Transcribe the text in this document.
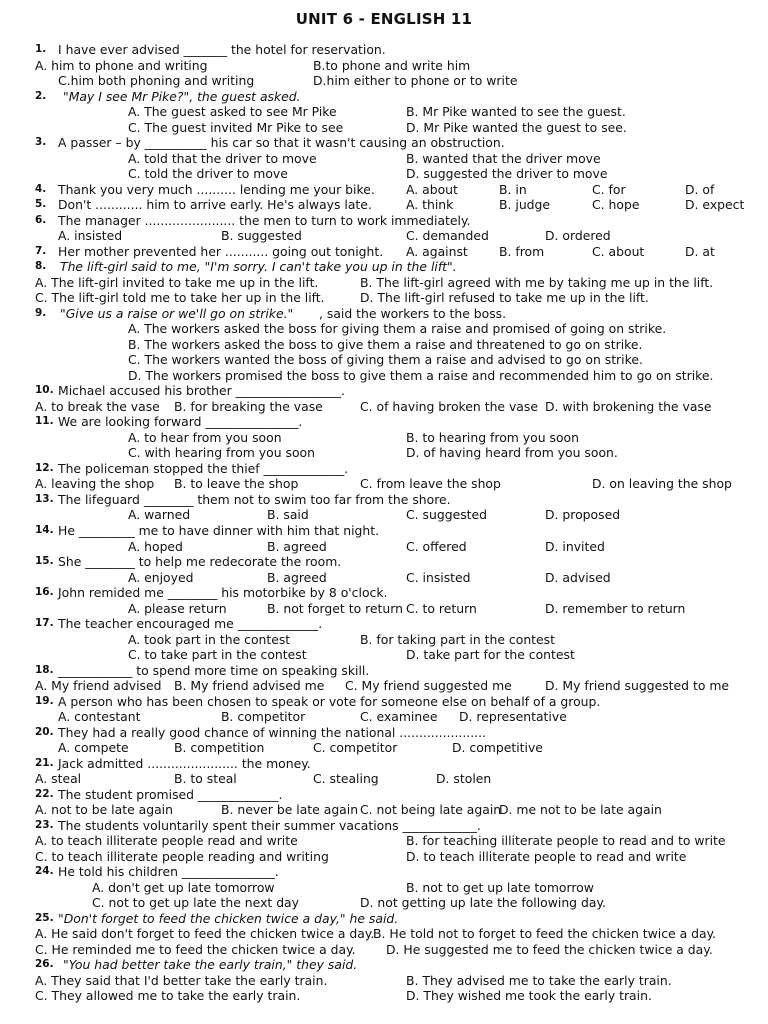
UNIT 6 - ENGLISH 11
1. I have ever advised _______ the hotel for reservation.
A. him to phone and writing	B.to phone and write him
C.him both phoning and writing	D.him either to phone or to write
2. "May I see Mr Pike?", the guest asked.
A. The guest asked to see Mr Pike	B. Mr Pike wanted to see the guest.
C. The guest invited Mr Pike to see	D. Mr Pike wanted the guest to see.
3. A passer – by __________ his car so that it wasn't causing an obstruction.
A. told that the driver to move	B. wanted that the driver move
C. told the driver to move	D. suggested the driver to move
4. Thank you very much .......... lending me your bike.	A. about	B. in	C. for	D. of
5. Don't ............ him to arrive early. He's always late.	A. think	B. judge	C. hope	D. expect
6. The manager ....................... the men to turn to work immediately.
A. insisted	B. suggested	C. demanded	D. ordered
7. Her mother prevented her ........... going out tonight. A. against	B. from	C. about	D. at
8. The lift-girl said to me, "I'm sorry. I can't take you up in the lift".
A. The lift-girl invited to take me up in the lift.	B. The lift-girl agreed with me by taking me up in the lift.
C. The lift-girl told me to take her up in the lift.	D. The lift-girl refused to take me up in the lift.
9. "Give us a raise or we'll go on strike." , said the workers to the boss.
A. The workers asked the boss for giving them a raise and promised of going on strike.
B. The workers asked the boss to give them a raise and threatened to go on strike.
C. The workers wanted the boss of giving them a raise and advised to go on strike.
D. The workers promised the boss to give them a raise and recommended him to go on strike.
10. Michael accused his brother _________________.
A. to break the vase B. for breaking the vase	C. of having broken the vase D. with brokening the vase
11. We are looking forward _______________.
A. to hear from you soon	B. to hearing from you soon
C. with hearing from you soon	D. of having heard from you soon.
12. The policeman stopped the thief _____________.
A. leaving the shop B. to leave the shop	C. from leave the shop	D. on leaving the shop
13. The lifeguard ________ them not to swim too far from the shore.
A. warned	B. said	C. suggested	D. proposed
14. He _________ me to have dinner with him that night.
A. hoped	B. agreed	C. offered	D. invited
15. She ________ to help me redecorate the room.
A. enjoyed	B. agreed	C. insisted	D. advised
16. John remided me ________ his motorbike by 8 o'clock.
A. please return	B. not forget to return C. to return	D. remember to return
17. The teacher encouraged me _____________.
A. took part in the contest	B. for taking part in the contest
C. to take part in the contest	D. take part for the contest
18. ____________ to spend more time on speaking skill.
A. My friend advised B. My friend advised me C. My friend suggested me	D. My friend suggested to me
19. A person who has been chosen to speak or vote for someone else on behalf of a group.
A. contestant	B. competitor	C. examinee D. representative
20. They had a really good chance of winning the national ......................
A. compete	B. competition	C. competitor	D. competitive
21. Jack admitted ....................... the money.
A. steal	B. to steal	C. stealing	D. stolen
22. The student promised _____________.
A. not to be late again	B. never be late again C. not being late again
D. me not to be late again
23. The students voluntarily spent their summer vacations ____________.
A. to teach illiterate people read and write	B. for teaching illiterate people to read and to write
C. to teach illiterate people reading and writing	D. to teach illiterate people to read and write
24. He told his children _______________.
A. don't get up late tomorrow	B. not to get up late tomorrow
C. not to get up late the next day	D. not getting up late the following day.
25. "Don't forget to feed the chicken twice a day," he said.
A. He said don't forget to feed the chicken twice a day.
B. He told not to forget to feed the chicken twice a day.
C. He reminded me to feed the chicken twice a day. D. He suggested me to feed the chicken twice a day.
26. "You had better take the early train," they said.
A. They said that I'd better take the early train.	B. They advised me to take the early train.
C. They allowed me to take the early train.	D. They wished me took the early train.
